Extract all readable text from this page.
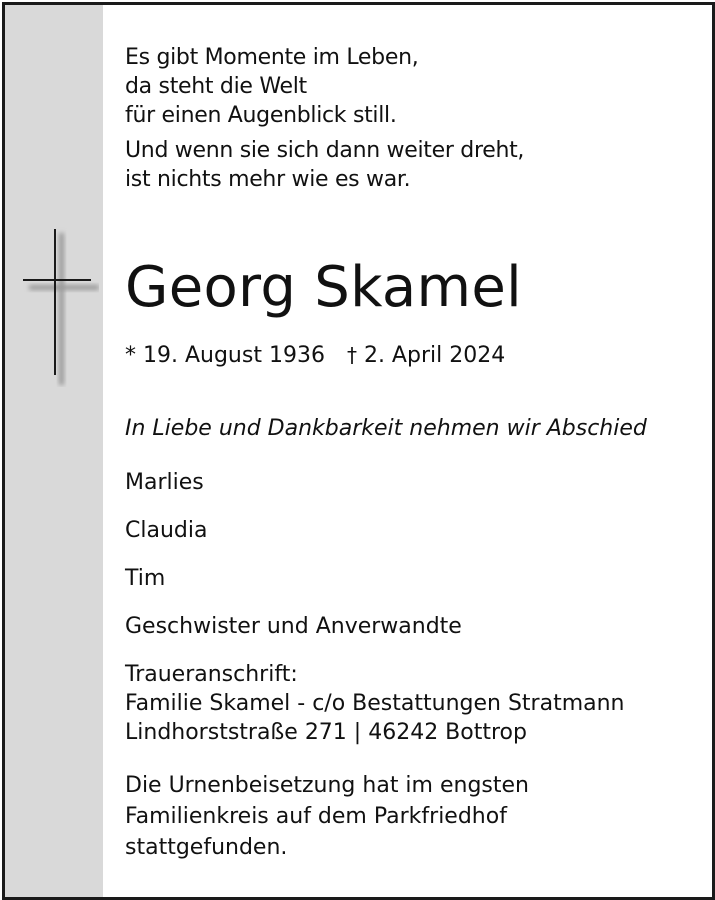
Es gibt Momente im Leben,

da steht die Welt

für einen Augenblick still.

Und wenn sie sich dann weiter dreht,

ist nichts mehr wie es war.

Georg Skamel
* 19. August 1936 † 2. April 2024
In Liebe und Dankbarkeit nehmen wir Abschied
Marlies
Claudia
Tim
Geschwister und Anverwandte
Traueranschrift:
Familie Skamel - c/o Bestattungen Stratmann
Lindhorststraße 271 | 46242 Bottrop
Die Urnenbeisetzung hat im engsten
Familienkreis auf dem Parkfriedhof
stattgefunden.
